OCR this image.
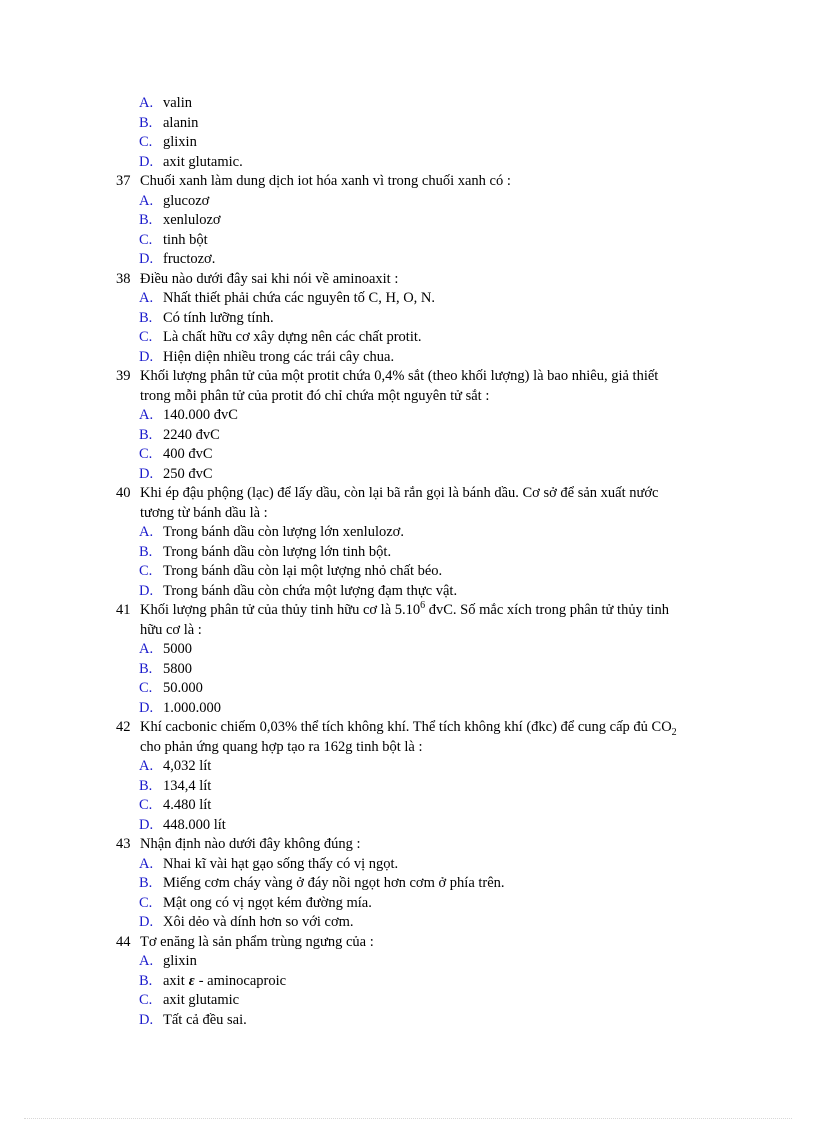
A. valin
B. alanin
C. glixin
D. axit glutamic.
37 Chuối xanh làm dung dịch iot hóa xanh vì trong chuối xanh có :
A. glucozơ
B. xenlulozơ
C. tinh bột
D. fructozơ.
38 Điều nào dưới đây sai khi nói về aminoaxit :
A. Nhất thiết phải chứa các nguyên tố C, H, O, N.
B. Có tính lưỡng tính.
C. Là chất hữu cơ xây dựng nên các chất protit.
D. Hiện diện nhiều trong các trái cây chua.
39 Khối lượng phân tử của một protit chứa 0,4% sắt (theo khối lượng) là bao nhiêu, giả thiết
trong mỗi phân tử của protit đó chỉ chứa một nguyên tử sắt :
A. 140.000 đvC
B. 2240 đvC
C. 400 đvC
D. 250 đvC
40 Khi ép đậu phộng (lạc) để lấy dầu, còn lại bã rắn gọi là bánh dầu. Cơ sở để sản xuất nước
tương từ bánh dầu là :
A. Trong bánh dầu còn lượng lớn xenlulozơ.
B. Trong bánh dầu còn lượng lớn tinh bột.
C. Trong bánh dầu còn lại một lượng nhỏ chất béo.
D. Trong bánh dầu còn chứa một lượng đạm thực vật.
41 Khối lượng phân tử của thủy tinh hữu cơ là 5.10$^6$ đvC. Số mắc xích trong phân tử thủy tinh
hữu cơ là :
A. 5000
B. 5800
C. 50.000
D. 1.000.000
42 Khí cacbonic chiếm 0,03% thể tích không khí. Thể tích không khí (đkc) để cung cấp đủ $CO_2$
cho phản ứng quang hợp tạo ra 162g tinh bột là :
A. 4,032 lít
B. 134,4 lít
C. 4.480 lít
D. 448.000 lít
43 Nhận định nào dưới đây không đúng :
A. Nhai kĩ vài hạt gạo sống thấy có vị ngọt.
B. Miếng cơm cháy vàng ở đáy nồi ngọt hơn cơm ở phía trên.
C. Mật ong có vị ngọt kém đường mía.
D. Xôi dẻo và dính hơn so với cơm.
44 Tơ enăng là sản phẩm trùng ngưng của :
A. glixin
B. axit ε - aminocaproic
C. axit glutamic
D. Tất cả đều sai.
